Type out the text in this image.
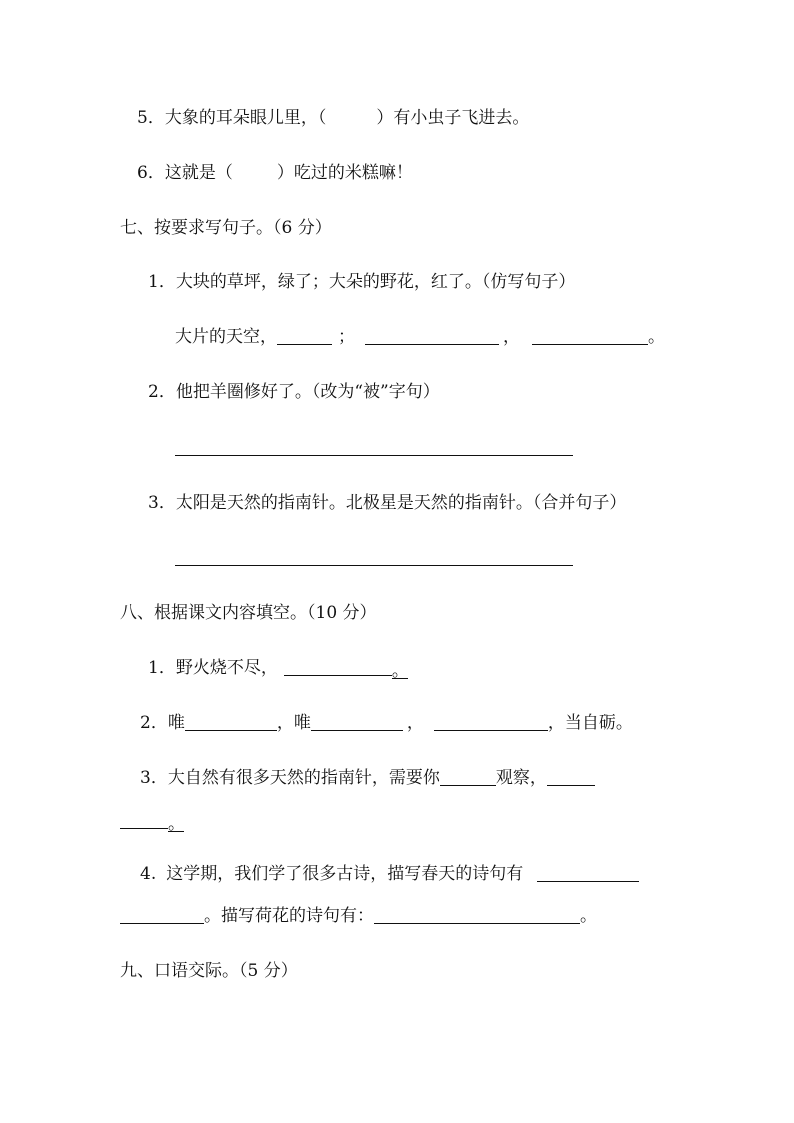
5．大象的耳朵眼儿里，（	）有小虫子飞进去。
6．这就是（	）吃过的米糕嘛！
七、按要求写句子。（6 分）
1．大块的草坪，绿了；大朵的野花，红了。（仿写句子）
大片的天空，	；	，	。
2．他把羊圈修好了。（改为“被”字句）
3．太阳是天然的指南针。北极星是天然的指南针。（合并句子）
八、根据课文内容填空。（10 分）
1．野火烧不尽，	。
2．唯	，唯	，	，当自砺。
3．大自然有很多天然的指南针，需要你	观察，
。
4. 这学期，我们学了很多古诗，描写春天的诗句有
。描写荷花的诗句有：	。
九、口语交际。（5 分）
